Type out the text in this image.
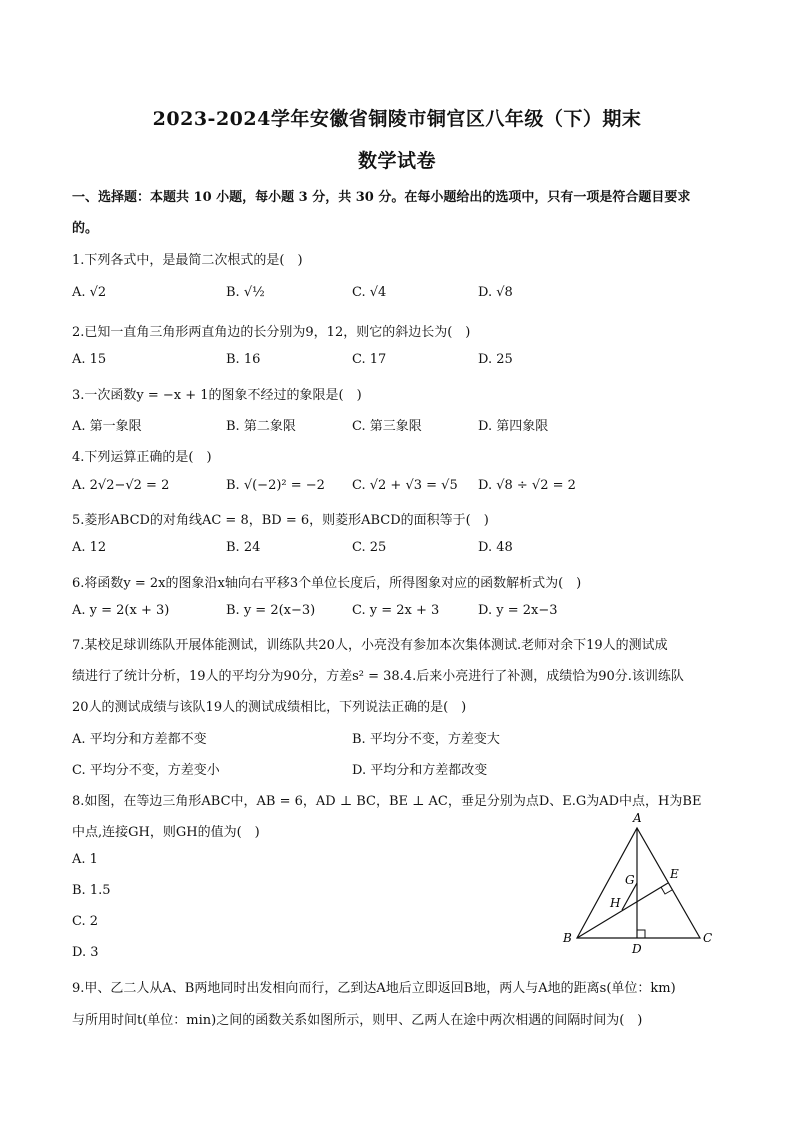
2023-2024学年安徽省铜陵市铜官区八年级（下）期末
数学试卷
一、选择题：本题共 10 小题，每小题 3 分，共 30 分。在每小题给出的选项中，只有一项是符合题目要求
的。
1.下列各式中，是最简二次根式的是(　)
A. √2	B. √½	C. √4	D. √8
2.已知一直角三角形两直角边的长分别为9，12，则它的斜边长为(　)
A. 15	B. 16	C. 17	D. 25
3.一次函数y = −x + 1的图象不经过的象限是(　)
A. 第一象限	B. 第二象限	C. 第三象限	D. 第四象限
4.下列运算正确的是(　)
A. 2√2−√2 = 2	B. √(−2)² = −2 C. √2 + √3 = √5 D. √8 ÷ √2 = 2
5.菱形ABCD的对角线AC = 8，BD = 6，则菱形ABCD的面积等于(　)
A. 12	B. 24	C. 25	D. 48
6.将函数y = 2x的图象沿x轴向右平移3个单位长度后，所得图象对应的函数解析式为(　)
A. y = 2(x + 3)	B. y = 2(x−3)	C. y = 2x + 3	D. y = 2x−3
7.某校足球训练队开展体能测试，训练队共20人，小亮没有参加本次集体测试.老师对余下19人的测试成
绩进行了统计分析，19人的平均分为90分，方差s² = 38.4.后来小亮进行了补测，成绩恰为90分.该训练队
20人的测试成绩与该队19人的测试成绩相比，下列说法正确的是(　)
A. 平均分和方差都不变	B. 平均分不变，方差变大
C. 平均分不变，方差变小	D. 平均分和方差都改变
8.如图，在等边三角形ABC中，AB = 6，AD ⊥ BC，BE ⊥ AC，垂足分别为点D、E.G为AD中点，H为BE
中点,连接GH，则GH的值为(　)
A. 1
B. 1.5
C. 2
D. 3
A
B	C
D
E
G
H
9.甲、乙二人从A、B两地同时出发相向而行，乙到达A地后立即返回B地，两人与A地的距离s(单位：km)
与所用时间t(单位：min)之间的函数关系如图所示，则甲、乙两人在途中两次相遇的间隔时间为(　)
